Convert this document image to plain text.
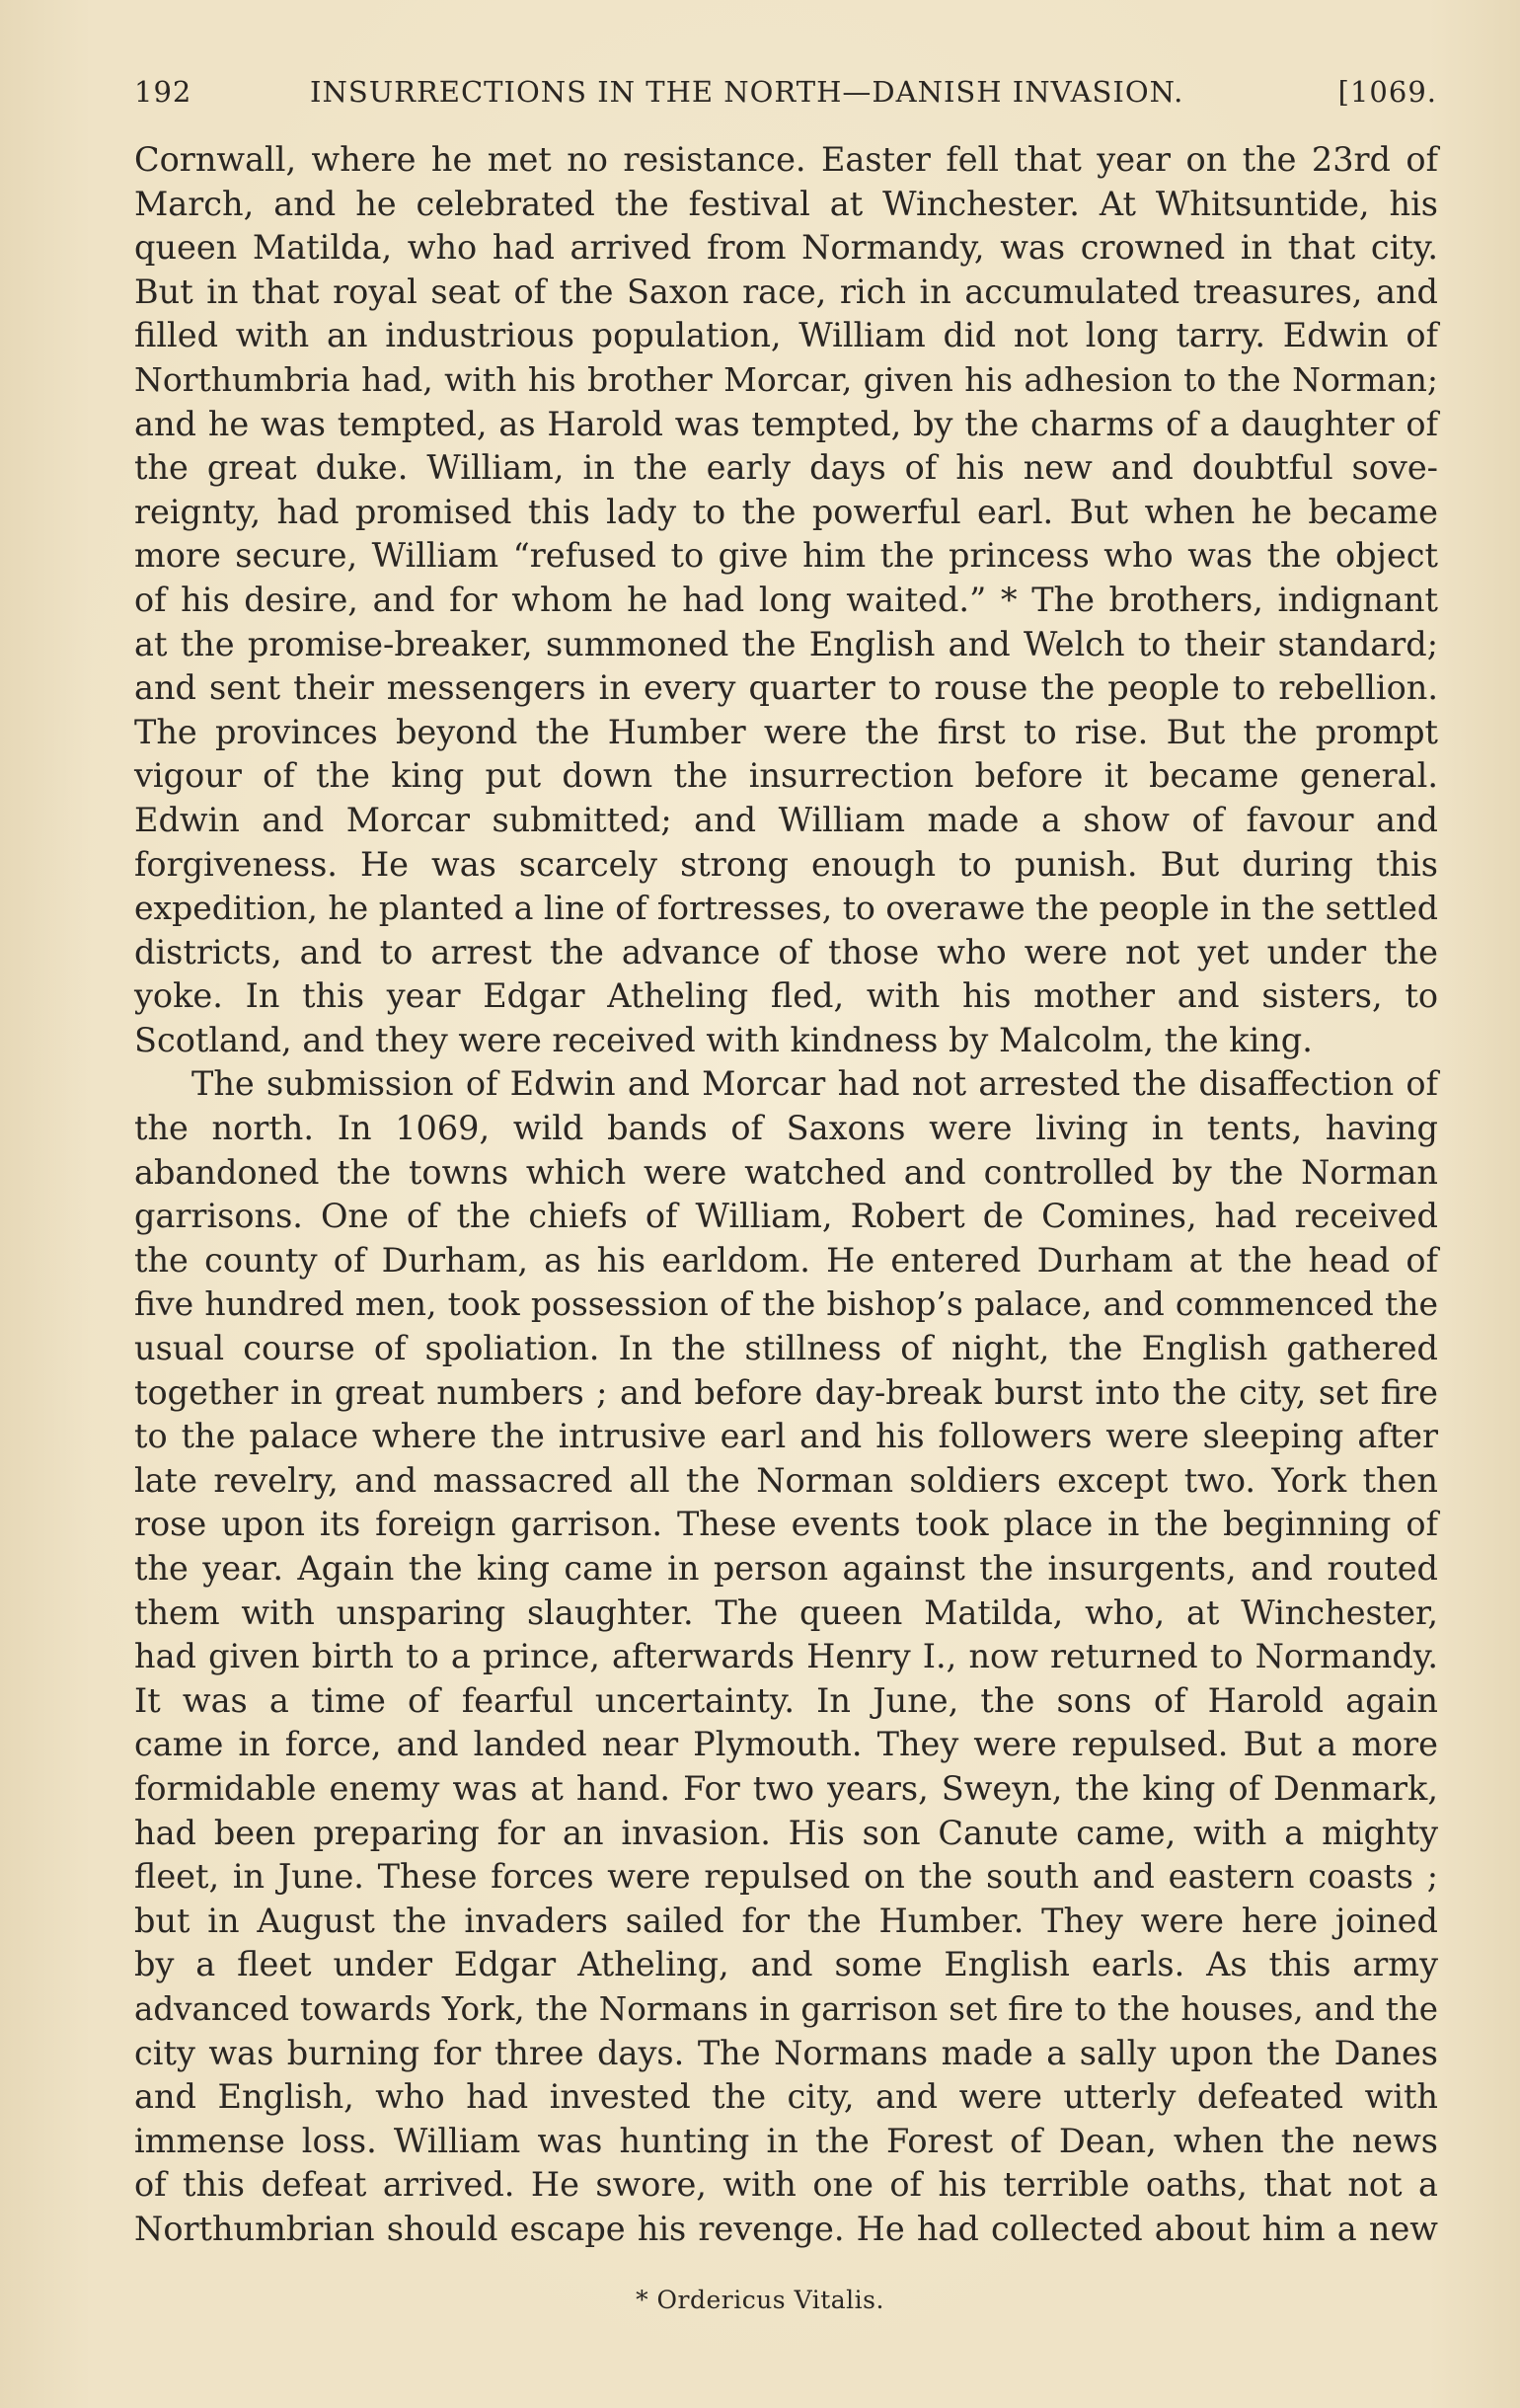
192	INSURRECTIONS IN THE NORTH—DANISH INVASION.	[1069.
Cornwall, where he met no resistance. Easter fell that year on the 23rd of
March, and he celebrated the festival at Winchester. At Whitsuntide, his
queen Matilda, who had arrived from Normandy, was crowned in that city.
But in that royal seat of the Saxon race, rich in accumulated treasures, and
filled with an industrious population, William did not long tarry. Edwin of
Northumbria had, with his brother Morcar, given his adhesion to the Norman;
and he was tempted, as Harold was tempted, by the charms of a daughter of
the great duke. William, in the early days of his new and doubtful sove-
reignty, had promised this lady to the powerful earl. But when he became
more secure, William “refused to give him the princess who was the object
of his desire, and for whom he had long waited.” * The brothers, indignant
at the promise-breaker, summoned the English and Welch to their standard;
and sent their messengers in every quarter to rouse the people to rebellion.
The provinces beyond the Humber were the first to rise. But the prompt
vigour of the king put down the insurrection before it became general.
Edwin and Morcar submitted; and William made a show of favour and
forgiveness. He was scarcely strong enough to punish. But during this
expedition, he planted a line of fortresses, to overawe the people in the settled
districts, and to arrest the advance of those who were not yet under the
yoke. In this year Edgar Atheling fled, with his mother and sisters, to
Scotland, and they were received with kindness by Malcolm, the king.
The submission of Edwin and Morcar had not arrested the disaffection of
the north. In 1069, wild bands of Saxons were living in tents, having
abandoned the towns which were watched and controlled by the Norman
garrisons. One of the chiefs of William, Robert de Comines, had received
the county of Durham, as his earldom. He entered Durham at the head of
five hundred men, took possession of the bishop’s palace, and commenced the
usual course of spoliation. In the stillness of night, the English gathered
together in great numbers ; and before day-break burst into the city, set fire
to the palace where the intrusive earl and his followers were sleeping after
late revelry, and massacred all the Norman soldiers except two. York then
rose upon its foreign garrison. These events took place in the beginning of
the year. Again the king came in person against the insurgents, and routed
them with unsparing slaughter. The queen Matilda, who, at Winchester,
had given birth to a prince, afterwards Henry I., now returned to Normandy.
It was a time of fearful uncertainty. In June, the sons of Harold again
came in force, and landed near Plymouth. They were repulsed. But a more
formidable enemy was at hand. For two years, Sweyn, the king of Denmark,
had been preparing for an invasion. His son Canute came, with a mighty
fleet, in June. These forces were repulsed on the south and eastern coasts ;
but in August the invaders sailed for the Humber. They were here joined
by a fleet under Edgar Atheling, and some English earls. As this army
advanced towards York, the Normans in garrison set fire to the houses, and the
city was burning for three days. The Normans made a sally upon the Danes
and English, who had invested the city, and were utterly defeated with
immense loss. William was hunting in the Forest of Dean, when the news
of this defeat arrived. He swore, with one of his terrible oaths, that not a
Northumbrian should escape his revenge. He had collected about him a new
* Ordericus Vitalis.
